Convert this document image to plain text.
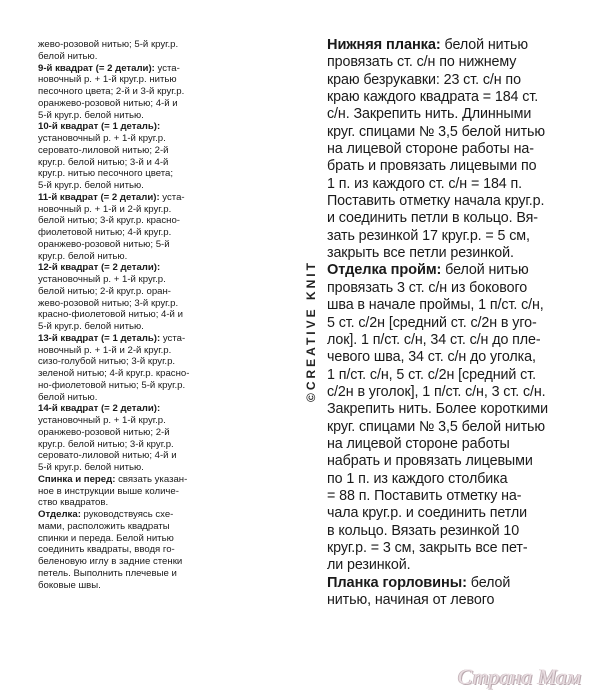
жево-розовой нитью; 5-й круг.р.
белой нитью.
9-й квадрат (= 2 детали): уста-
новочный р. + 1-й круг.р. нитью
песочного цвета; 2-й и 3-й круг.р.
оранжево-розовой нитью; 4-й и
5-й круг.р. белой нитью.
10-й квадрат (= 1 деталь):
установочный р. + 1-й круг.р.
серовато-лиловой нитью; 2-й
круг.р. белой нитью; 3-й и 4-й
круг.р. нитью песочного цвета;
5-й круг.р. белой нитью.
11-й квадрат (= 2 детали): уста-
новочный р. + 1-й и 2-й круг.р.
белой нитью; 3-й круг.р. красно-
фиолетовой нитью; 4-й круг.р.
оранжево-розовой нитью; 5-й
круг.р. белой нитью.
12-й квадрат (= 2 детали):
установочный р. + 1-й круг.р.
белой нитью; 2-й круг.р. оран-
жево-розовой нитью; 3-й круг.р.
красно-фиолетовой нитью; 4-й и
5-й круг.р. белой нитью.
13-й квадрат (= 1 деталь): уста-
новочный р. + 1-й и 2-й круг.р.
сизо-голубой нитью; 3-й круг.р.
зеленой нитью; 4-й круг.р. красно-
но-фиолетовой нитью; 5-й круг.р.
белой нитью.
14-й квадрат (= 2 детали):
установочный р. + 1-й круг.р.
оранжево-розовой нитью; 2-й
круг.р. белой нитью; 3-й круг.р.
серовато-лиловой нитью; 4-й и
5-й круг.р. белой нитью.
Спинка и перед: связать указан-
ное в инструкции выше количе-
ство квадратов.
Отделка: руководствуясь схе-
мами, расположить квадраты
спинки и переда. Белой нитью
соединить квадраты, вводя го-
беленовую иглу в задние стенки
петель. Выполнить плечевые и
боковые швы.
Нижняя планка: белой нитью
провязать ст. с/н по нижнему
краю безрукавки: 23 ст. с/н по
краю каждого квадрата = 184 ст.
с/н. Закрепить нить. Длинными
круг. спицами № 3,5 белой нитью
на лицевой стороне работы на-
брать и провязать лицевыми по
1 п. из каждого ст. с/н = 184 п.
Поставить отметку начала круг.р.
и соединить петли в кольцо. Вя-
зать резинкой 17 круг.р. = 5 см,
закрыть все петли резинкой.
Отделка пройм: белой нитью
провязать 3 ст. с/н из бокового
шва в начале проймы, 1 п/ст. с/н,
5 ст. с/2н [средний ст. с/2н в уго-
лок]. 1 п/ст. с/н, 34 ст. с/н до пле-
чевого шва, 34 ст. с/н до уголка,
1 п/ст. с/н, 5 ст. с/2н [средний ст.
с/2н в уголок], 1 п/ст. с/н, 3 ст. с/н.
Закрепить нить. Более короткими
круг. спицами № 3,5 белой нитью
на лицевой стороне работы
набрать и провязать лицевыми
по 1 п. из каждого столбика
= 88 п. Поставить отметку на-
чала круг.р. и соединить петли
в кольцо. Вязать резинкой 10
круг.р. = 3 см, закрыть все пет-
ли резинкой.
Планка горловины: белой
нитью, начиная от левого
©CREATIVE KNIT
Страна Мам
